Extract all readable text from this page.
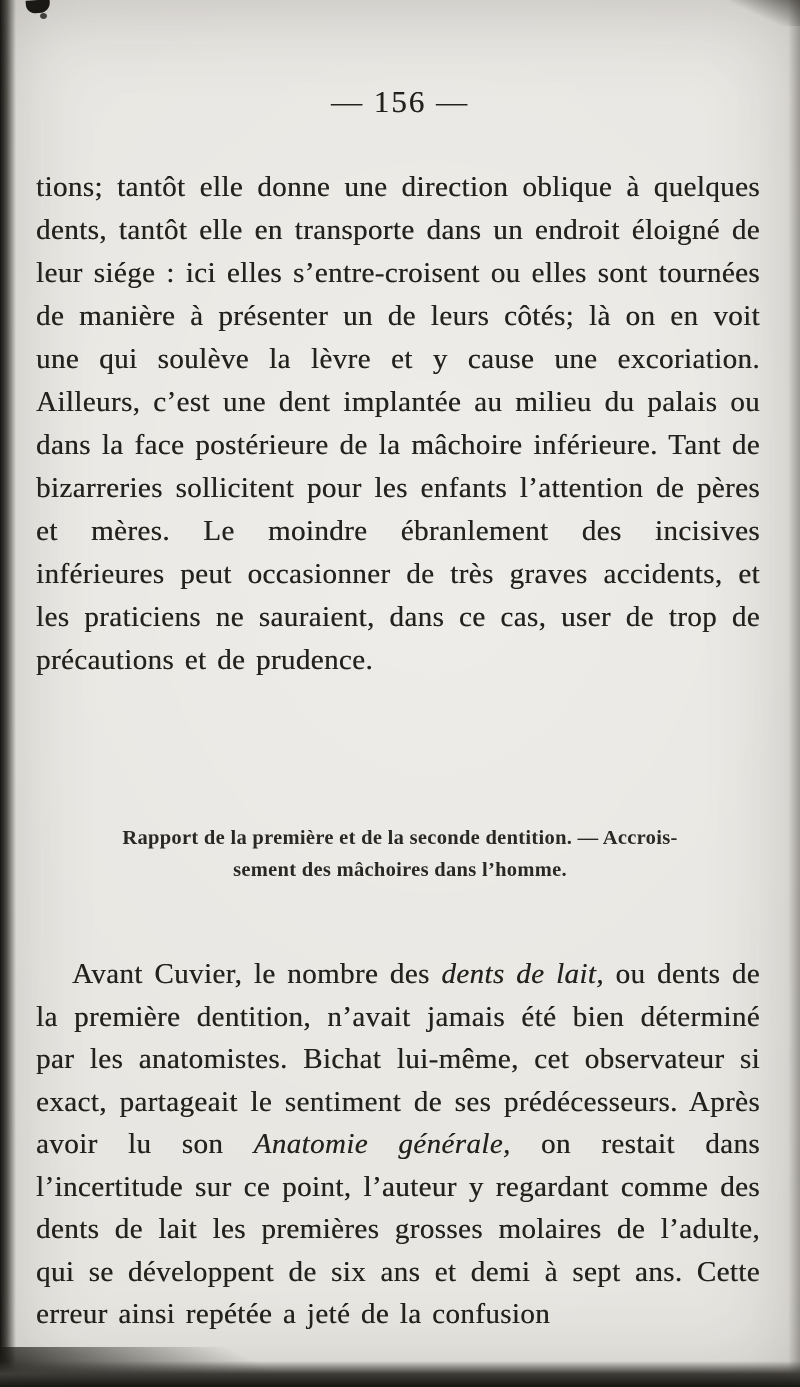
— 156 —

tions; tantôt elle donne une direction oblique à quelques dents, tantôt elle en transporte dans un endroit éloigné de leur siége : ici elles s’entre-croisent ou elles sont tournées de manière à présenter un de leurs côtés; là on en voit une qui soulève la lèvre et y cause une excoriation. Ailleurs, c’est une dent implantée au milieu du palais ou dans la face postérieure de la mâchoire inférieure. Tant de bizarreries sollicitent pour les enfants l’attention de pères et mères. Le moindre ébranlement des incisives inférieures peut occasionner de très graves accidents, et les praticiens ne sauraient, dans ce cas, user de trop de précautions et de prudence.

Rapport de la première et de la seconde dentition. — Accrois-
sement des mâchoires dans l’homme.

Avant Cuvier, le nombre des dents de lait, ou dents de la première dentition, n’avait jamais été bien déterminé par les anatomistes. Bichat lui-même, cet observateur si exact, partageait le sentiment de ses prédécesseurs. Après avoir lu son Anatomie générale, on restait dans l’incertitude sur ce point, l’auteur y regardant comme des dents de lait les premières grosses molaires de l’adulte, qui se développent de six ans et demi à sept ans. Cette erreur ainsi repétée a jeté de la confusion
